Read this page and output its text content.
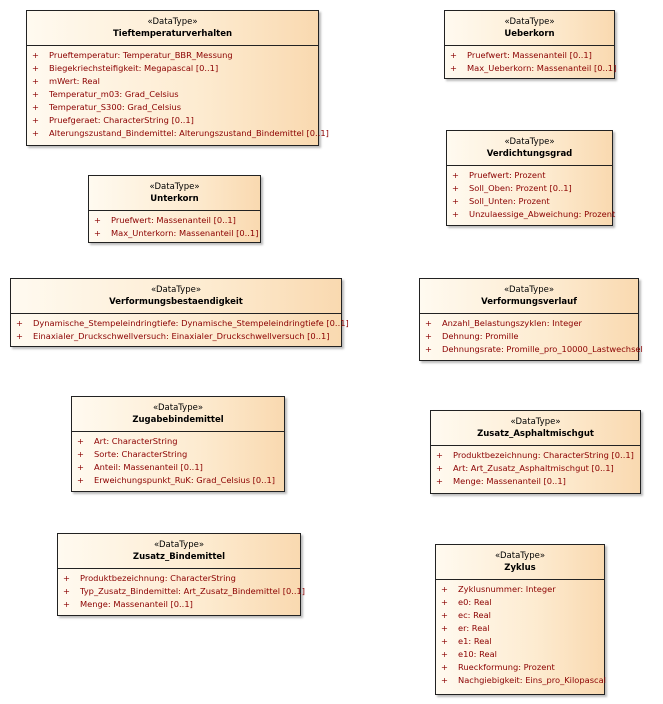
«DataType»
Tieftemperaturverhalten
+ Prueftemperatur: Temperatur_BBR_Messung
+ Biegekriechsteifigkeit: Megapascal [0..1]
+ mWert: Real
+ Temperatur_m03: Grad_Celsius
+ Temperatur_S300: Grad_Celsius
+ Pruefgeraet: CharacterString [0..1]
+ Alterungszustand_Bindemittel: Alterungszustand_Bindemittel [0..1]
«DataType»
Ueberkorn
+ Pruefwert: Massenanteil [0..1]
+ Max_Ueberkorn: Massenanteil [0..1]
«DataType»
Verdichtungsgrad
+ Pruefwert: Prozent
+ Soll_Oben: Prozent [0..1]
+ Soll_Unten: Prozent
+ Unzulaessige_Abweichung: Prozent
«DataType»
Unterkorn
+ Pruefwert: Massenanteil [0..1]
+ Max_Unterkorn: Massenanteil [0..1]
«DataType»
Verformungsbestaendigkeit
+ Dynamische_Stempeleindringtiefe: Dynamische_Stempeleindringtiefe [0..1]
+ Einaxialer_Druckschwellversuch: Einaxialer_Druckschwellversuch [0..1]
«DataType»
Verformungsverlauf
+ Anzahl_Belastungszyklen: Integer
+ Dehnung: Promille
+ Dehnungsrate: Promille_pro_10000_Lastwechsel
«DataType»
Zugabebindemittel
+ Art: CharacterString
+ Sorte: CharacterString
+ Anteil: Massenanteil [0..1]
+ Erweichungspunkt_RuK: Grad_Celsius [0..1]
«DataType»
Zusatz_Asphaltmischgut
+ Produktbezeichnung: CharacterString [0..1]
+ Art: Art_Zusatz_Asphaltmischgut [0..1]
+ Menge: Massenanteil [0..1]
«DataType»
Zusatz_Bindemittel
+ Produktbezeichnung: CharacterString
+ Typ_Zusatz_Bindemittel: Art_Zusatz_Bindemittel [0..1]
+ Menge: Massenanteil [0..1]
«DataType»
Zyklus
+ Zyklusnummer: Integer
+ e0: Real
+ ec: Real
+ er: Real
+ e1: Real
+ e10: Real
+ Rueckformung: Prozent
+ Nachgiebigkeit: Eins_pro_Kilopascal
